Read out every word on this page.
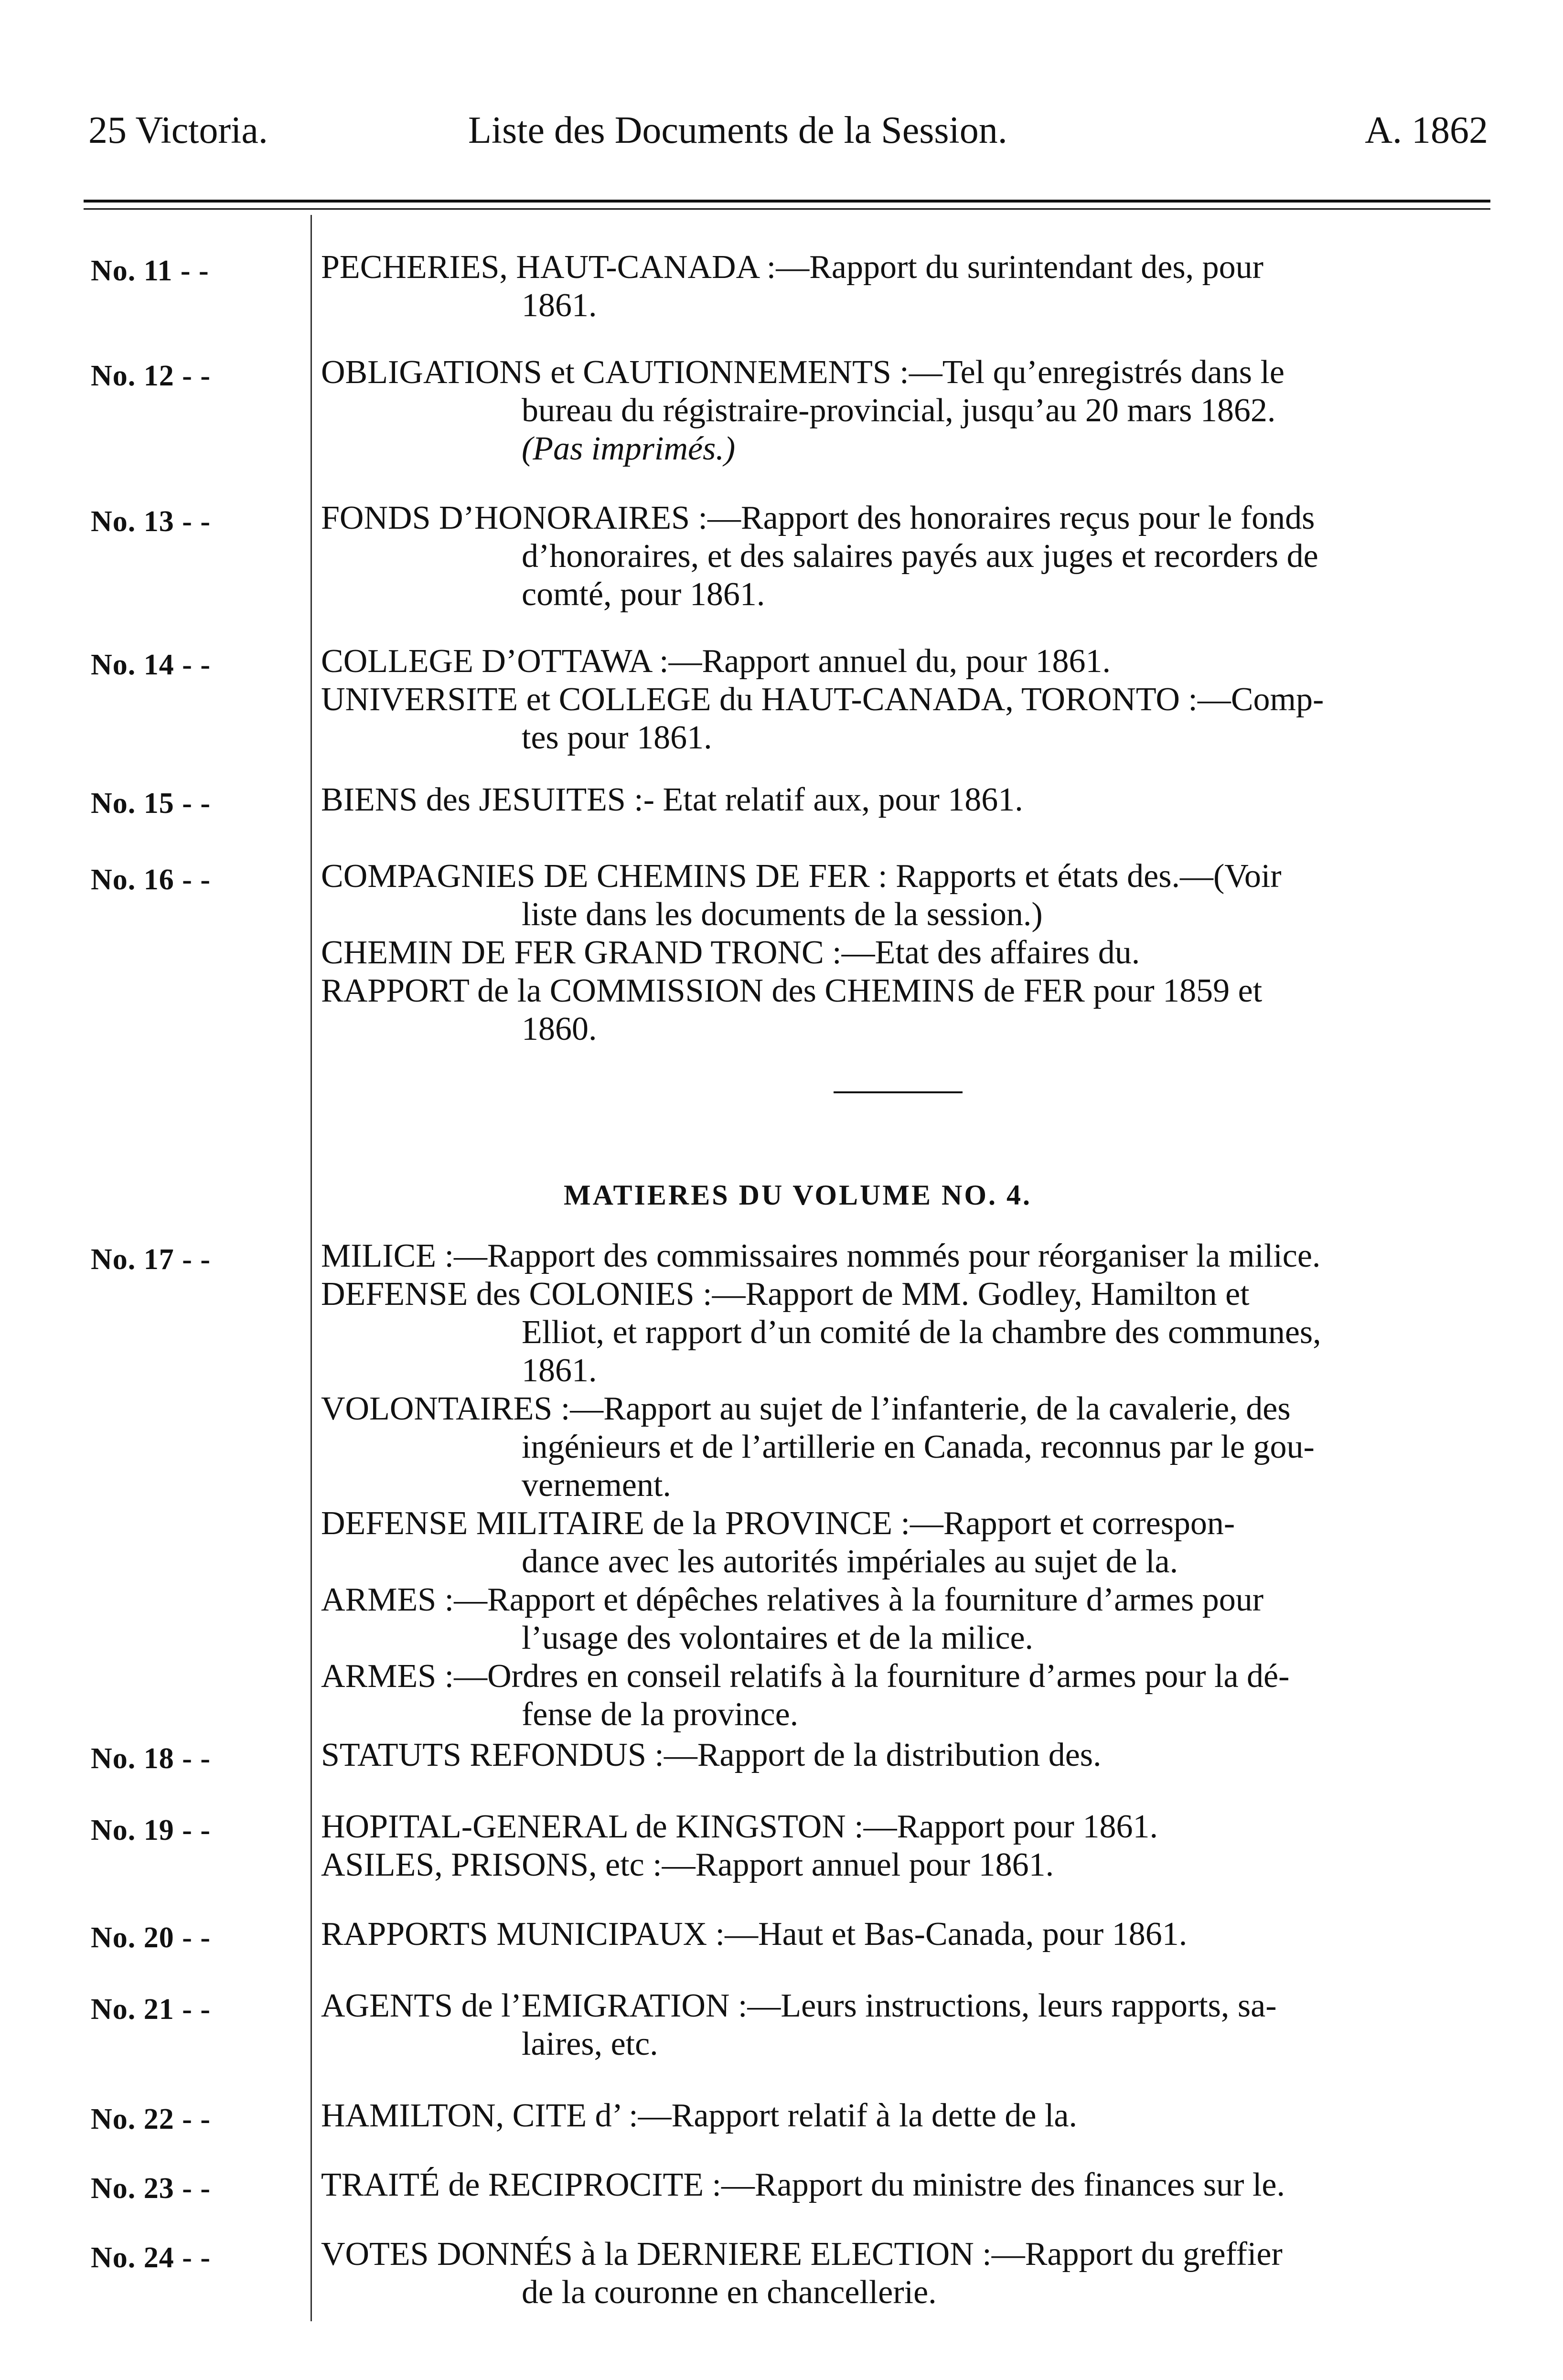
25 Victoria.	Liste des Documents de la Session.	A. 1862
No. 11 - -	PECHERIES, HAUT-CANADA :—Rapport du surintendant des, pour
1861.
No. 12 - -	OBLIGATIONS et CAUTIONNEMENTS :—Tel qu’enregistrés dans le
bureau du régistraire-provincial, jusqu’au 20 mars 1862.
(Pas imprimés.)
No. 13 - -	FONDS D’HONORAIRES :—Rapport des honoraires reçus pour le fonds
d’honoraires, et des salaires payés aux juges et recorders de
comté, pour 1861.
No. 14 - -	COLLEGE D’OTTAWA :—Rapport annuel du, pour 1861.
UNIVERSITE et COLLEGE du HAUT-CANADA, TORONTO :—Comp-
tes pour 1861.
No. 15 - -	BIENS des JESUITES :- Etat relatif aux, pour 1861.
No. 16 - -	COMPAGNIES DE CHEMINS DE FER : Rapports et états des.—(Voir
liste dans les documents de la session.)
CHEMIN DE FER GRAND TRONC :—Etat des affaires du.
RAPPORT de la COMMISSION des CHEMINS de FER pour 1859 et
1860.
MATIERES DU VOLUME NO. 4.
No. 17 - -	MILICE :—Rapport des commissaires nommés pour réorganiser la milice.
DEFENSE des COLONIES :—Rapport de MM. Godley, Hamilton et
Elliot, et rapport d’un comité de la chambre des communes,
1861.
VOLONTAIRES :—Rapport au sujet de l’infanterie, de la cavalerie, des
ingénieurs et de l’artillerie en Canada, reconnus par le gou-
vernement.
DEFENSE MILITAIRE de la PROVINCE :—Rapport et correspon-
dance avec les autorités impériales au sujet de la.
ARMES :—Rapport et dépêches relatives à la fourniture d’armes pour
l’usage des volontaires et de la milice.
ARMES :—Ordres en conseil relatifs à la fourniture d’armes pour la dé-
fense de la province.
No. 18 - -	STATUTS REFONDUS :—Rapport de la distribution des.
No. 19 - -	HOPITAL-GENERAL de KINGSTON :—Rapport pour 1861.
ASILES, PRISONS, etc :—Rapport annuel pour 1861.
No. 20 - -	RAPPORTS MUNICIPAUX :—Haut et Bas-Canada, pour 1861.
No. 21 - -	AGENTS de l’EMIGRATION :—Leurs instructions, leurs rapports, sa-
laires, etc.
No. 22 - -	HAMILTON, CITE d’ :—Rapport relatif à la dette de la.
No. 23 - -	TRAITÉ de RECIPROCITE :—Rapport du ministre des finances sur le.
No. 24 - -	VOTES DONNÉS à la DERNIERE ELECTION :—Rapport du greffier
de la couronne en chancellerie.
